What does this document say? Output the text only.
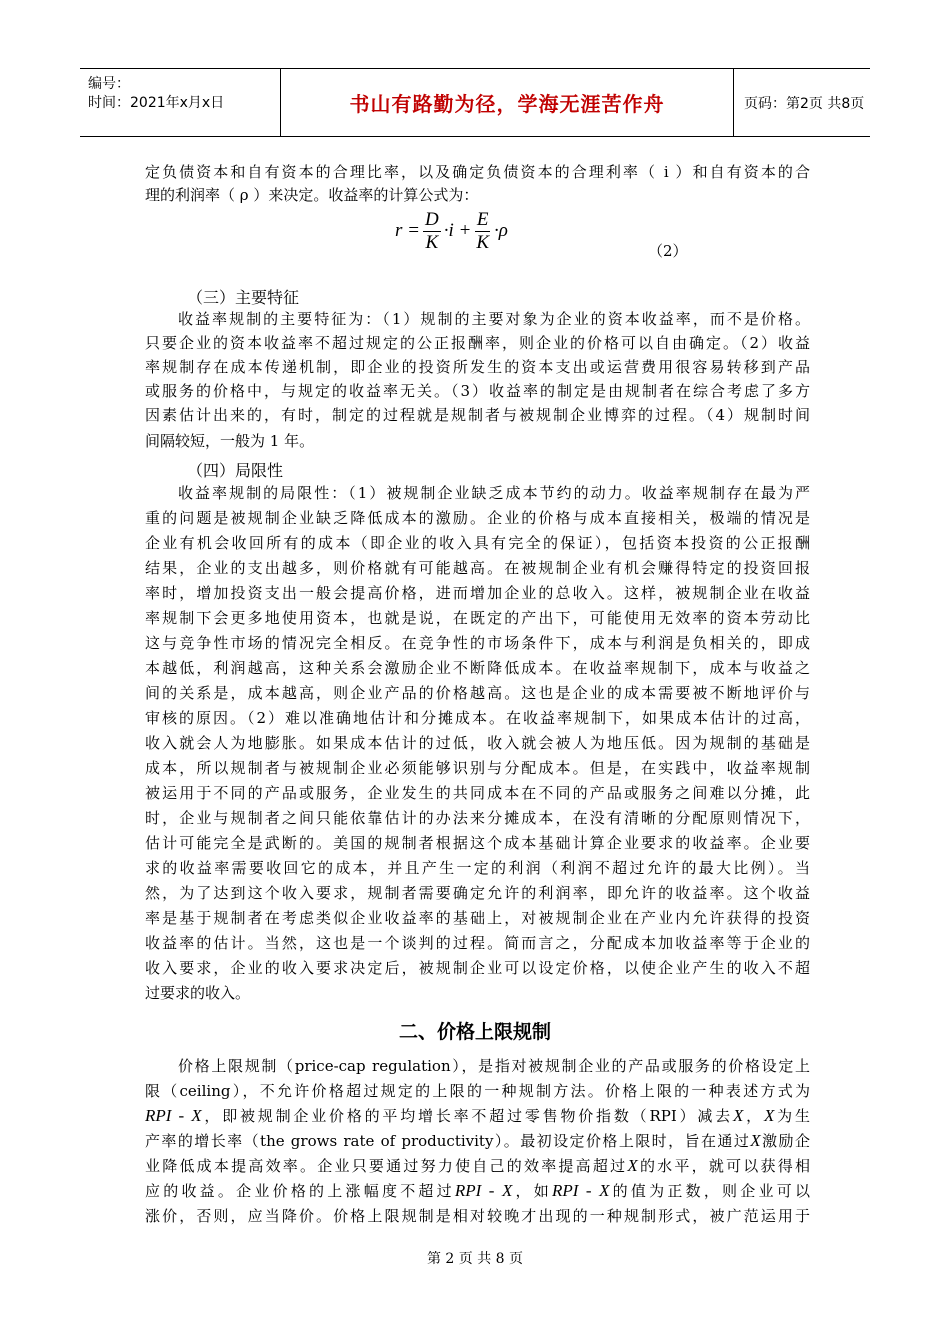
编号：
时间：2021年x月x日	书山有路勤为径，学海无涯苦作舟	页码：第2页 共8页
定负债资本和自有资本的合理比率，以及确定负债资本的合理利率（ i ）和自有资本的合
理的利润率（ ρ ）来决定。收益率的计算公式为：
$r = \frac{D}{K} \cdot i + \frac{E}{K} \cdot\rho$
（2）
（三）主要特征
收益率规制的主要特征为：（1）规制的主要对象为企业的资本收益率，而不是价格。
只要企业的资本收益率不超过规定的公正报酬率，则企业的价格可以自由确定。（2）收益
率规制存在成本传递机制，即企业的投资所发生的资本支出或运营费用很容易转移到产品
或服务的价格中，与规定的收益率无关。（3）收益率的制定是由规制者在综合考虑了多方
因素估计出来的，有时，制定的过程就是规制者与被规制企业博弈的过程。（4）规制时间
间隔较短，一般为 1 年。
（四）局限性
收益率规制的局限性：（1）被规制企业缺乏成本节约的动力。收益率规制存在最为严
重的问题是被规制企业缺乏降低成本的激励。企业的价格与成本直接相关，极端的情况是
企业有机会收回所有的成本（即企业的收入具有完全的保证），包括资本投资的公正报酬
结果，企业的支出越多，则价格就有可能越高。在被规制企业有机会赚得特定的投资回报
率时，增加投资支出一般会提高价格，进而增加企业的总收入。这样，被规制企业在收益
率规制下会更多地使用资本，也就是说，在既定的产出下，可能使用无效率的资本劳动比
这与竞争性市场的情况完全相反。在竞争性的市场条件下，成本与利润是负相关的，即成
本越低，利润越高，这种关系会激励企业不断降低成本。在收益率规制下，成本与收益之
间的关系是，成本越高，则企业产品的价格越高。这也是企业的成本需要被不断地评价与
审核的原因。（2）难以准确地估计和分摊成本。在收益率规制下，如果成本估计的过高，
收入就会人为地膨胀。如果成本估计的过低，收入就会被人为地压低。因为规制的基础是
成本，所以规制者与被规制企业必须能够识别与分配成本。但是，在实践中，收益率规制
被运用于不同的产品或服务，企业发生的共同成本在不同的产品或服务之间难以分摊，此
时，企业与规制者之间只能依靠估计的办法来分摊成本，在没有清晰的分配原则情况下，
估计可能完全是武断的。美国的规制者根据这个成本基础计算企业要求的收益率。企业要
求的收益率需要收回它的成本，并且产生一定的利润（利润不超过允许的最大比例）。当
然，为了达到这个收入要求，规制者需要确定允许的利润率，即允许的收益率。这个收益
率是基于规制者在考虑类似企业收益率的基础上，对被规制企业在产业内允许获得的投资
收益率的估计。当然，这也是一个谈判的过程。简而言之，分配成本加收益率等于企业的
收入要求，企业的收入要求决定后，被规制企业可以设定价格，以使企业产生的收入不超
过要求的收入。
二、价格上限规制
价格上限规制（price-cap regulation），是指对被规制企业的产品或服务的价格设定上
限（ceiling），不允许价格超过规定的上限的一种规制方法。价格上限的一种表述方式为
RPI - X，即被规制企业价格的平均增长率不超过零售物价指数（RPI）减去X，X为生
产率的增长率（the grows rate of productivity）。最初设定价格上限时，旨在通过X激励企
业降低成本提高效率。企业只要通过努力使自己的效率提高超过X的水平，就可以获得相
应的收益。企业价格的上涨幅度不超过RPI - X，如RPI - X的值为正数，则企业可以
涨价，否则，应当降价。价格上限规制是相对较晚才出现的一种规制形式，被广范运用于
第 2 页 共 8 页
